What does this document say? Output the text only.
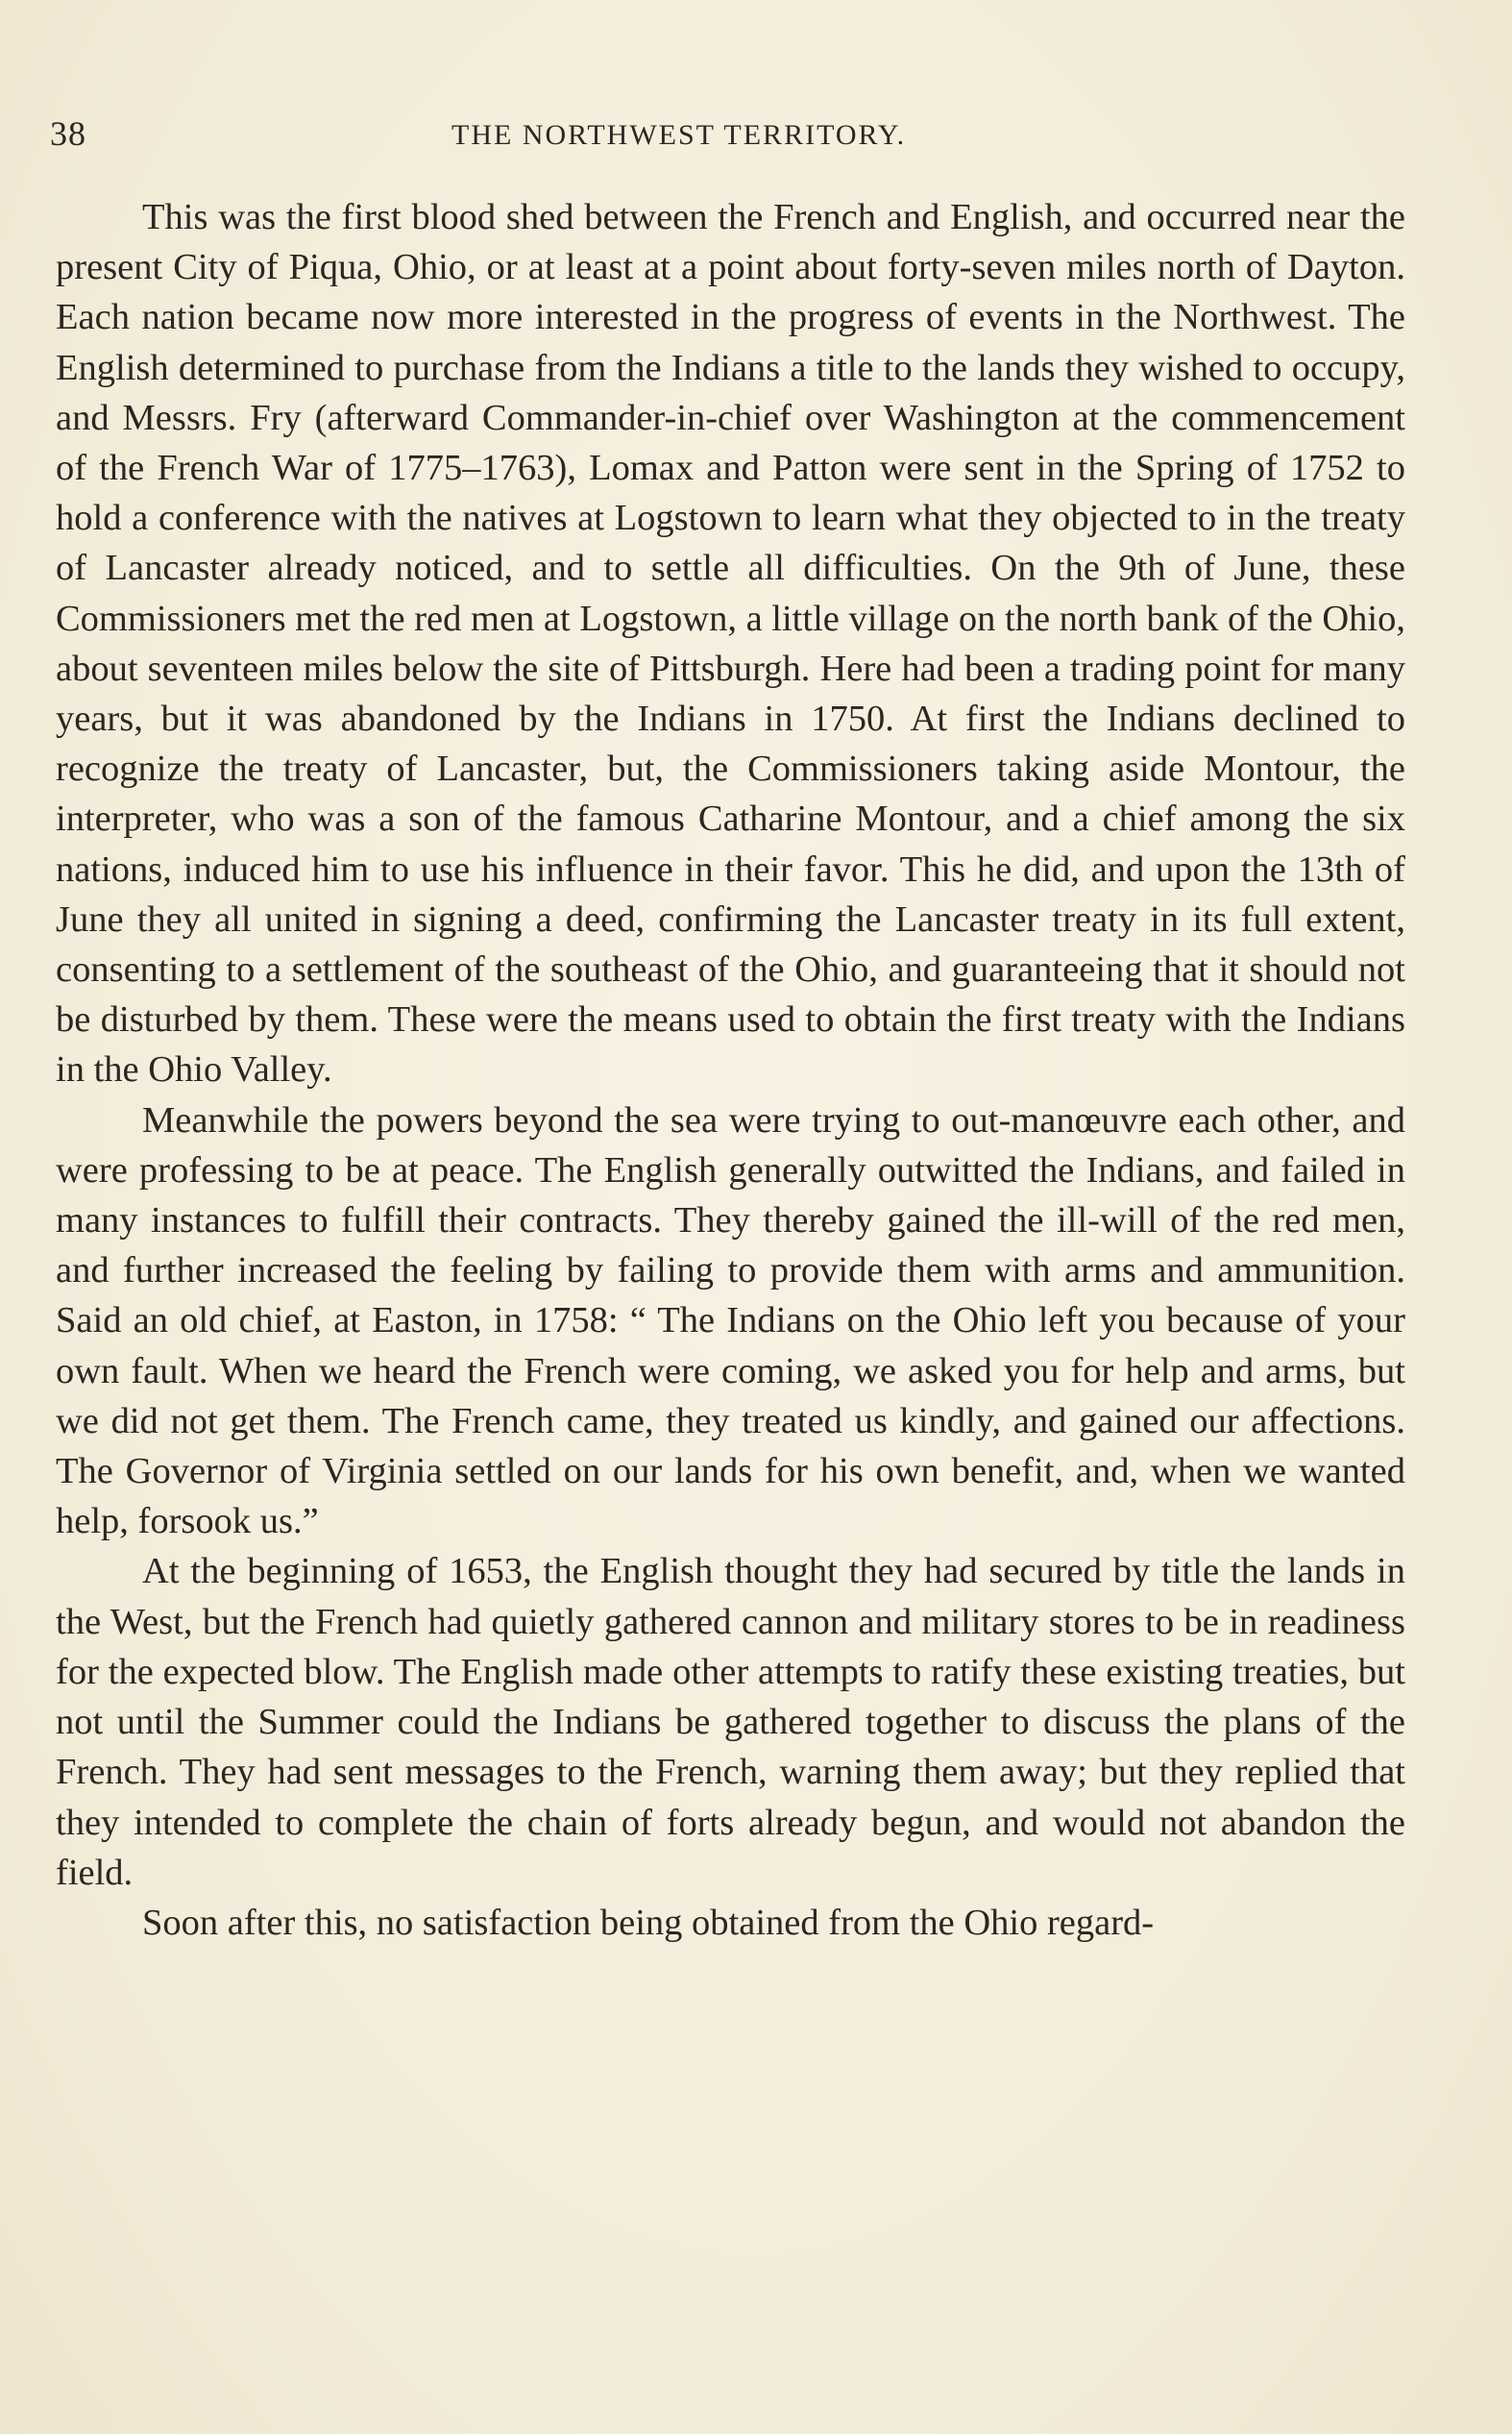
38	THE NORTHWEST TERRITORY.

This was the first blood shed between the French and English, and occurred near the present City of Piqua, Ohio, or at least at a point about forty-seven miles north of Dayton. Each nation became now more interested in the progress of events in the Northwest. The English determined to purchase from the Indians a title to the lands they wished to occupy, and Messrs. Fry (afterward Commander-in-chief over Washington at the commencement of the French War of 1775–1763), Lomax and Patton were sent in the Spring of 1752 to hold a conference with the natives at Logstown to learn what they objected to in the treaty of Lancaster already noticed, and to settle all difficulties. On the 9th of June, these Commissioners met the red men at Logstown, a little village on the north bank of the Ohio, about seventeen miles below the site of Pittsburgh. Here had been a trading point for many years, but it was abandoned by the Indians in 1750. At first the Indians declined to recognize the treaty of Lancaster, but, the Commissioners taking aside Montour, the interpreter, who was a son of the famous Catharine Montour, and a chief among the six nations, induced him to use his influence in their favor. This he did, and upon the 13th of June they all united in signing a deed, confirming the Lancaster treaty in its full extent, consenting to a settlement of the southeast of the Ohio, and guaranteeing that it should not be disturbed by them. These were the means used to obtain the first treaty with the Indians in the Ohio Valley.

Meanwhile the powers beyond the sea were trying to out-manœuvre each other, and were professing to be at peace. The English generally outwitted the Indians, and failed in many instances to fulfill their contracts. They thereby gained the ill-will of the red men, and further increased the feeling by failing to provide them with arms and ammunition. Said an old chief, at Easton, in 1758: “ The Indians on the Ohio left you because of your own fault. When we heard the French were coming, we asked you for help and arms, but we did not get them. The French came, they treated us kindly, and gained our affections. The Governor of Virginia settled on our lands for his own benefit, and, when we wanted help, forsook us.”

At the beginning of 1653, the English thought they had secured by title the lands in the West, but the French had quietly gathered cannon and military stores to be in readiness for the expected blow. The English made other attempts to ratify these existing treaties, but not until the Summer could the Indians be gathered together to discuss the plans of the French. They had sent messages to the French, warning them away; but they replied that they intended to complete the chain of forts already begun, and would not abandon the field.

Soon after this, no satisfaction being obtained from the Ohio regard-
